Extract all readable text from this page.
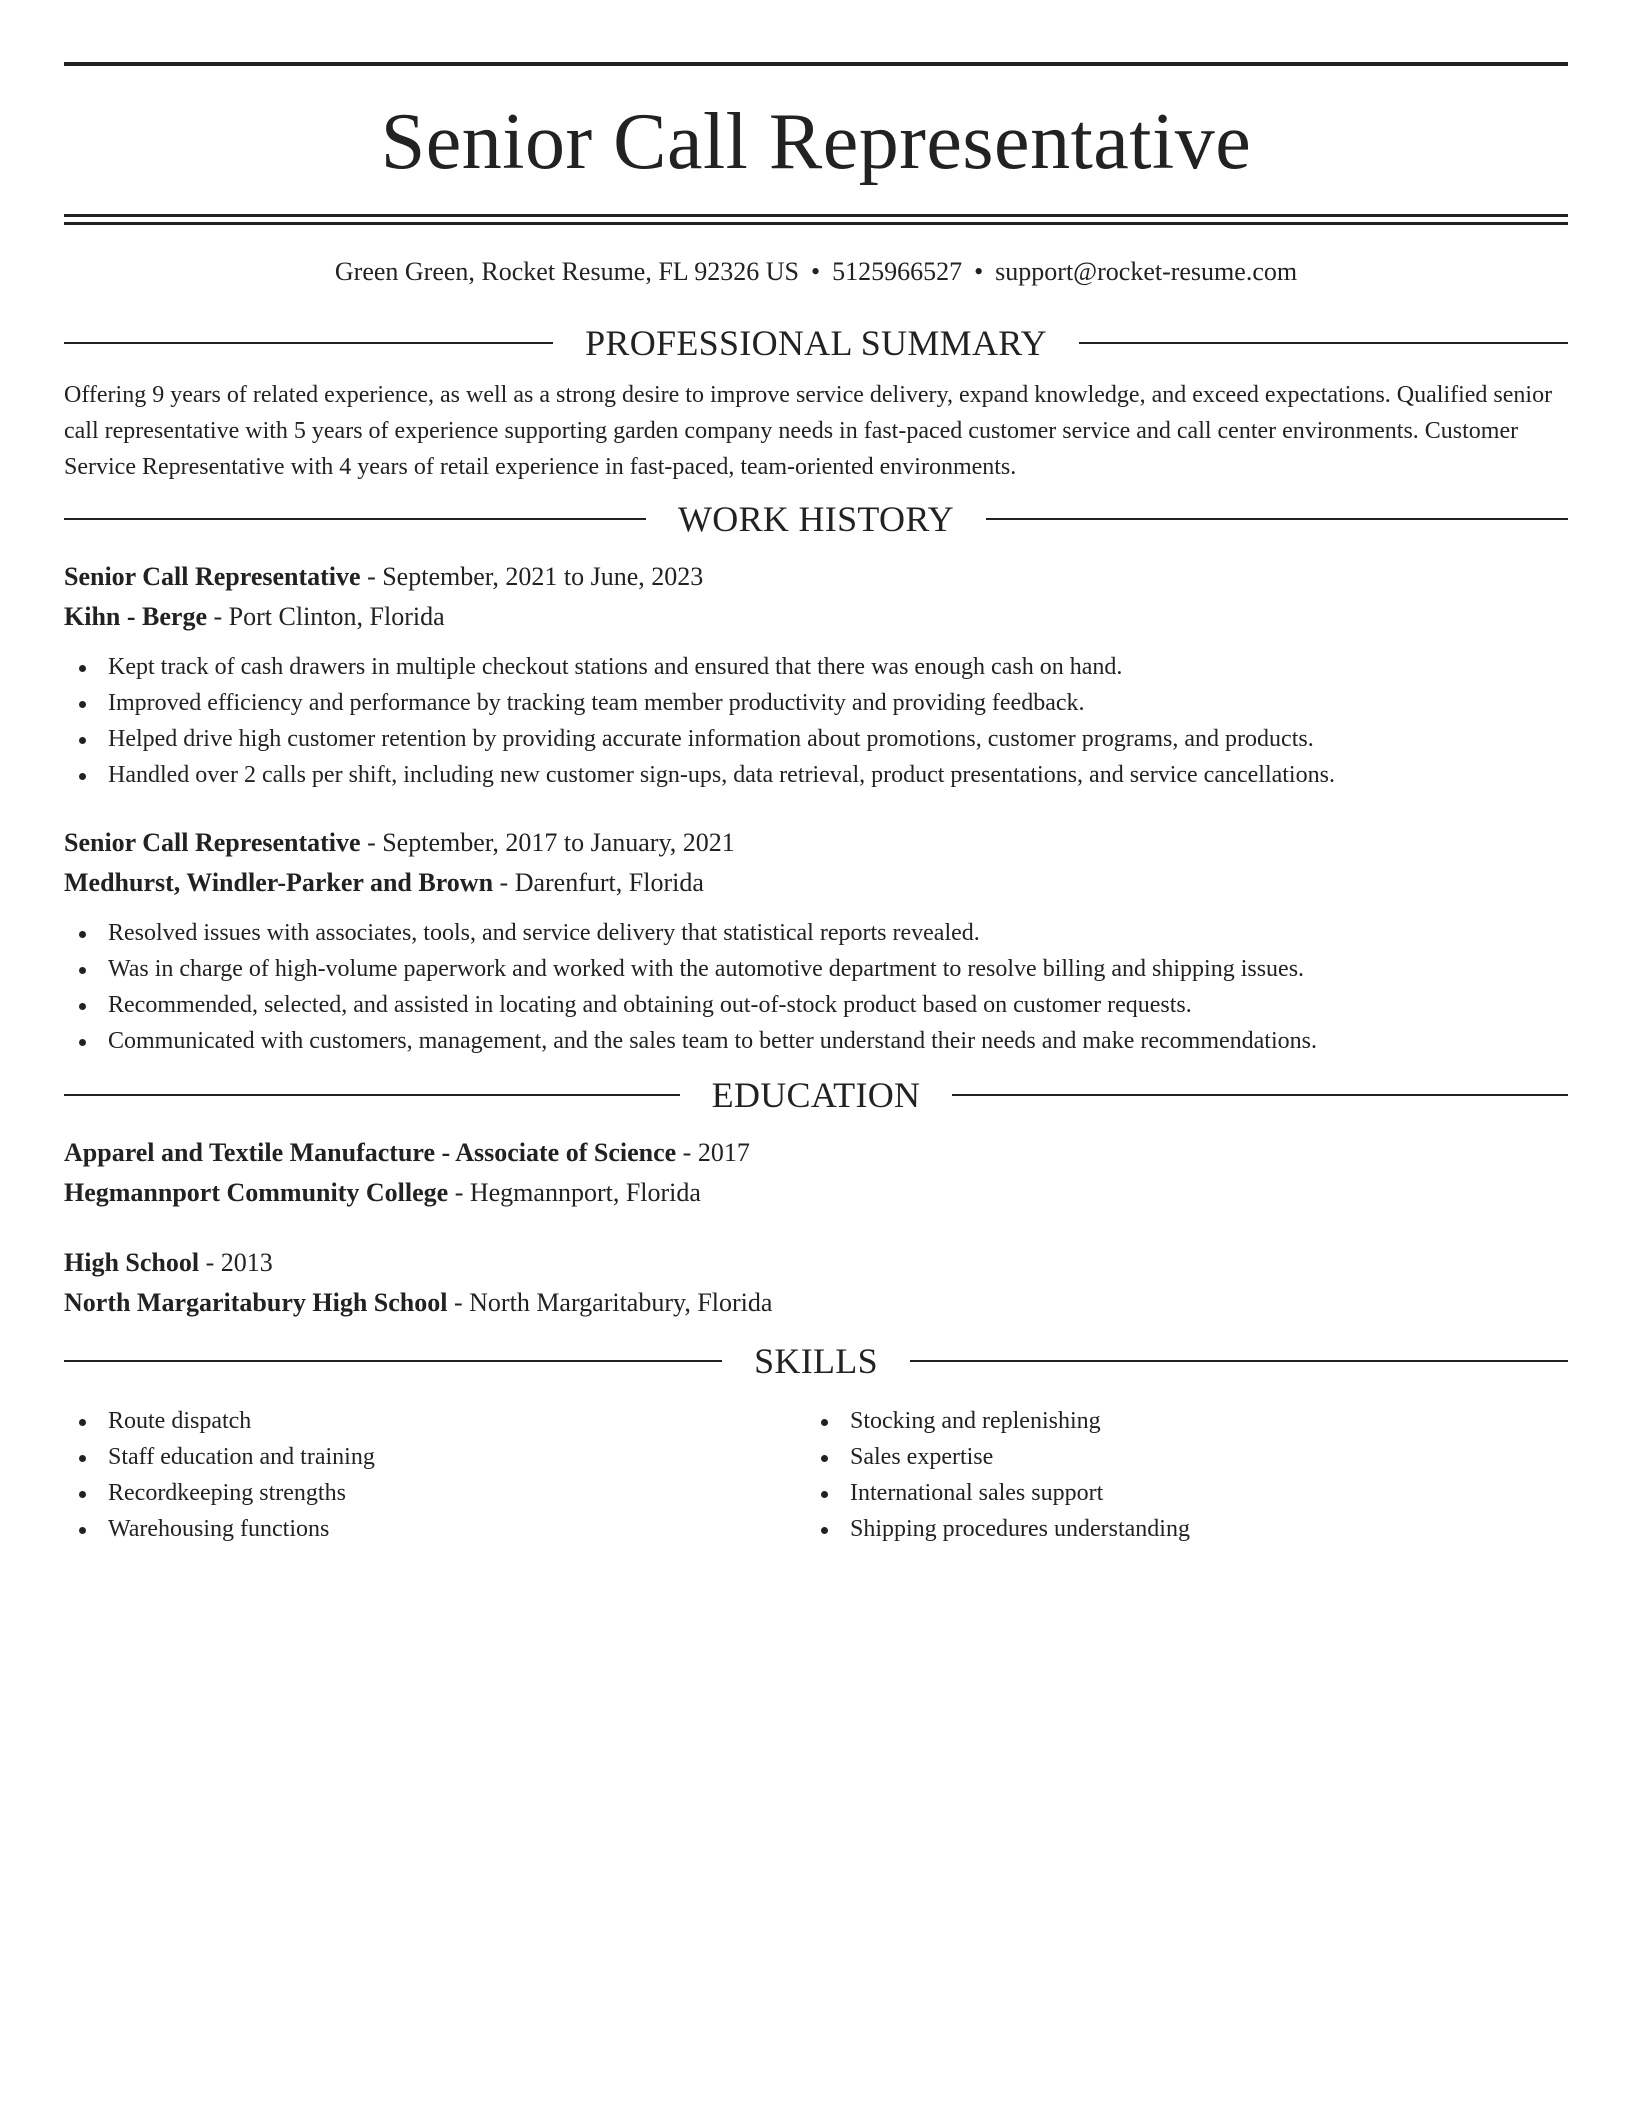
Senior Call Representative
Green Green, Rocket Resume, FL 92326 US • 5125966527 • support@rocket-resume.com
PROFESSIONAL SUMMARY

Offering 9 years of related experience, as well as a strong desire to improve service delivery, expand knowledge, and exceed expectations. Qualified senior call representative with 5 years of experience supporting garden company needs in fast-paced customer service and call center environments. Customer Service Representative with 4 years of retail experience in fast-paced, team-oriented environments.

WORK HISTORY
Senior Call Representative - September, 2021 to June, 2023
Kihn - Berge - Port Clinton, Florida
Kept track of cash drawers in multiple checkout stations and ensured that there was enough cash on hand.
Improved efficiency and performance by tracking team member productivity and providing feedback.
Helped drive high customer retention by providing accurate information about promotions, customer programs, and products.
Handled over 2 calls per shift, including new customer sign-ups, data retrieval, product presentations, and service cancellations.
Senior Call Representative - September, 2017 to January, 2021
Medhurst, Windler-Parker and Brown - Darenfurt, Florida
Resolved issues with associates, tools, and service delivery that statistical reports revealed.
Was in charge of high-volume paperwork and worked with the automotive department to resolve billing and shipping issues.
Recommended, selected, and assisted in locating and obtaining out-of-stock product based on customer requests.
Communicated with customers, management, and the sales team to better understand their needs and make recommendations.
EDUCATION
Apparel and Textile Manufacture - Associate of Science - 2017
Hegmannport Community College - Hegmannport, Florida
High School - 2013
North Margaritabury High School - North Margaritabury, Florida
SKILLS
Route dispatch
Staff education and training
Recordkeeping strengths
Warehousing functions
Stocking and replenishing
Sales expertise
International sales support
Shipping procedures understanding
